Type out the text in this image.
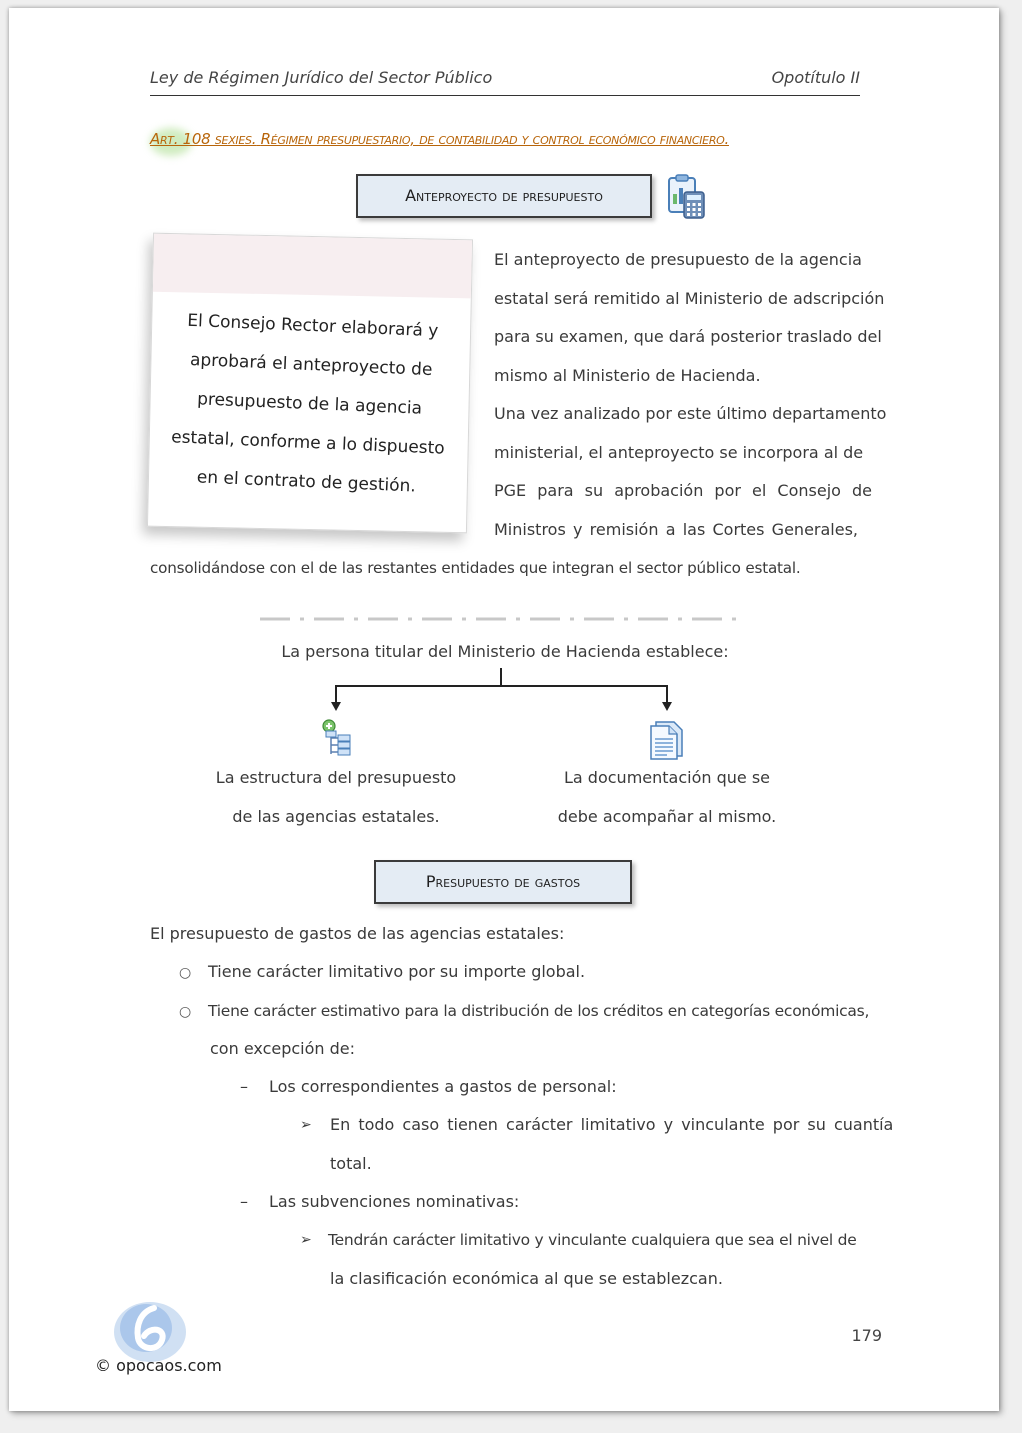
Ley de Régimen Jurídico del Sector Público	Opotítulo II
Art. 108 sexies. Régimen presupuestario, de contabilidad y control económico financiero.
Anteproyecto de presupuesto
El Consejo Rector elaborará y
aprobará el anteproyecto de
presupuesto de la agencia
estatal, conforme a lo dispuesto
en el contrato de gestión.
El anteproyecto de presupuesto de la agencia
estatal será remitido al Ministerio de adscripción
para su examen, que dará posterior traslado del
mismo al Ministerio de Hacienda.
Una vez analizado por este último departamento
ministerial, el anteproyecto se incorpora al de
PGE para su aprobación por el Consejo de
Ministros y remisión a las Cortes Generales,
consolidándose con el de las restantes entidades que integran el sector público estatal.
La persona titular del Ministerio de Hacienda establece:
La estructura del presupuesto
de las agencias estatales.
La documentación que se
debe acompañar al mismo.
Presupuesto de gastos
El presupuesto de gastos de las agencias estatales:
○ Tiene carácter limitativo por su importe global.
○ Tiene carácter estimativo para la distribución de los créditos en categorías económicas,
con excepción de:
– Los correspondientes a gastos de personal:
➢ En todo caso tienen carácter limitativo y vinculante por su cuantía
total.
– Las subvenciones nominativas:
➢ Tendrán carácter limitativo y vinculante cualquiera que sea el nivel de
la clasificación económica al que se establezcan.
179
© opocaos.com
